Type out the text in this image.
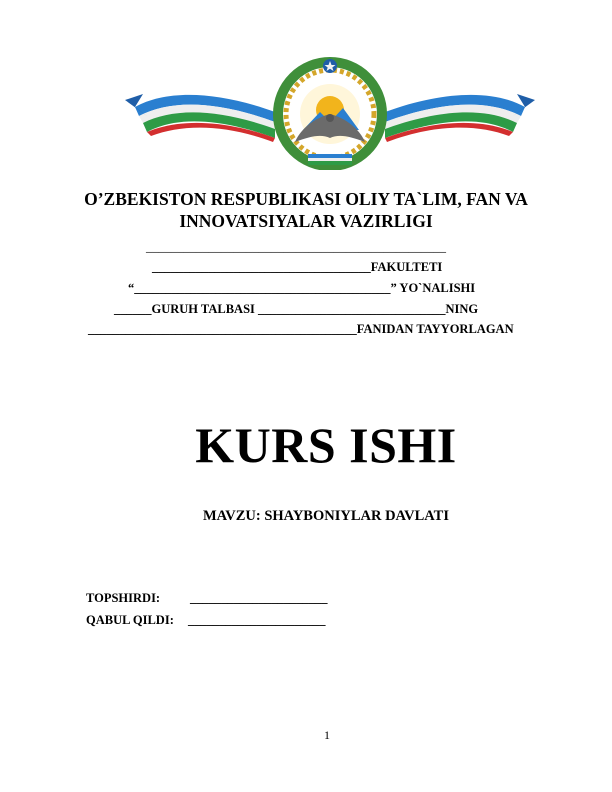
O’ZBEKISTON RESPUBLIKASI OLIY TA`LIM, FAN VA
INNOVATSIYALAR VAZIRLIGI
________________________________________________
___________________________________FAKULTETI
“_________________________________________” YO`NALISHI
______GURUH TALBASI ______________________________NING
___________________________________________FANIDAN TAYYORLAGAN
KURS ISHI
MAVZU: SHAYBONIYLAR DAVLATI
TOPSHIRDI: ______________________
QABUL QILDI: ______________________
1
